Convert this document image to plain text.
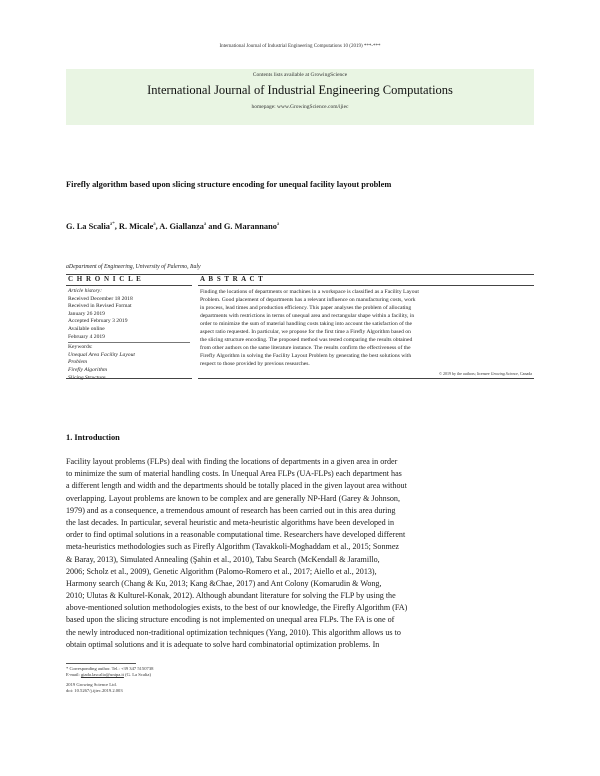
International Journal of Industrial Engineering Computations 10 (2019) ***-***
Contents lists available at GrowingScience
International Journal of Industrial Engineering Computations
homepage: www.GrowingScience.com/ijiec
Firefly algorithm based upon slicing structure encoding for unequal facility layout problem
G. La Scalia$^{a*}$, R. Micale$^a$, A. Giallanza$^a$ and G. Marannano$^a$
aDepartment of Engineering, University of Palermo, Italy
C H R O N I C L E	A B S T R A C T
Article history:
Received December 18 2018
Received in Revised Format
January 26 2019
Accepted February 3 2019
Available online
February 4 2019
Keywords:
Unequal Area Facility Layout
Problem
Firefly Algorithm
Slicing Structure
Finding the locations of departments or machines in a workspace is classified as a Facility Layout
Problem. Good placement of departments has a relevant influence on manufacturing costs, work
in process, lead times and production efficiency. This paper analyses the problem of allocating
departments with restrictions in terms of unequal area and rectangular shape within a facility, in
order to minimize the sum of material handling costs taking into account the satisfaction of the
aspect ratio requested. In particular, we propose for the first time a Firefly Algorithm based on
the slicing structure encoding. The proposed method was tested comparing the results obtained
from other authors on the same literature instance. The results confirm the effectiveness of the
Firefly Algorithm in solving the Facility Layout Problem by generating the best solutions with
respect to those provided by previous researches.
© 2019 by the authors; licensee Growing Science, Canada
1. Introduction
Facility layout problems (FLPs) deal with finding the locations of departments in a given area in order
to minimize the sum of material handling costs. In Unequal Area FLPs (UA-FLPs) each department has
a different length and width and the departments should be totally placed in the given layout area without
overlapping. Layout problems are known to be complex and are generally NP-Hard (Garey & Johnson,
1979) and as a consequence, a tremendous amount of research has been carried out in this area during
the last decades. In particular, several heuristic and meta-heuristic algorithms have been developed in
order to find optimal solutions in a reasonable computational time. Researchers have developed different
meta-heuristics methodologies such as Firefly Algorithm (Tavakkoli-Moghaddam et al., 2015; Sonmez
& Baray, 2013), Simulated Annealing (Şahin et al., 2010), Tabu Search (McKendall & Jaramillo,
2006; Scholz et al., 2009), Genetic Algorithm (Palomo-Romero et al., 2017; Aiello et al., 2013),
Harmony search (Chang & Ku, 2013; Kang &Chae, 2017) and Ant Colony (Komarudin & Wong,
2010; Ulutas & Kulturel-Konak, 2012). Although abundant literature for solving the FLP by using the
above-mentioned solution methodologies exists, to the best of our knowledge, the Firefly Algorithm (FA)
based upon the slicing structure encoding is not implemented on unequal area FLPs. The FA is one of
the newly introduced non-traditional optimization techniques (Yang, 2010). This algorithm allows us to
obtain optimal solutions and it is adequate to solve hard combinatorial optimization problems. In
* Corresponding author. Tel.: +39 347 5150738
E-mail: giada.lascalia@unipa.it (G. La Scalia)
2019 Growing Science Ltd.
doi: 10.5267/j.ijiec.2019.2.003
